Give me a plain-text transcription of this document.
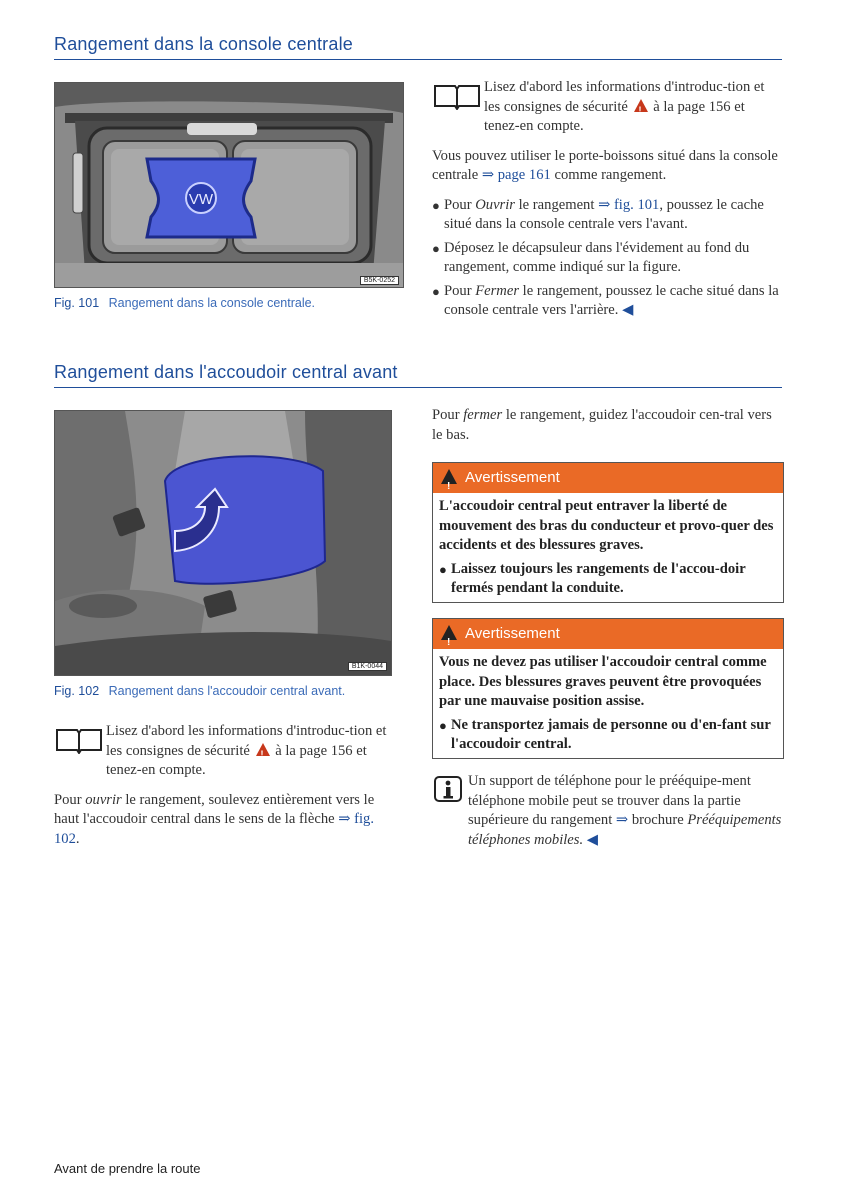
Rangement dans la console centrale
VW
B5K-0252
Fig. 101 Rangement dans la console centrale.
Lisez d'abord les informations d'introduc-tion et les consignes de sécurité ! à la page 156 et tenez-en compte.

Vous pouvez utiliser le porte-boissons situé dans la console centrale ⇒ page 161 comme rangement.

● Pour Ouvrir le rangement ⇒ fig. 101, poussez le cache situé dans la console centrale vers l'avant.
● Déposez le décapsuleur dans l'évidement au fond du rangement, comme indiqué sur la figure.
● Pour Fermer le rangement, poussez le cache situé dans la console centrale vers l'arrière. ◀
Rangement dans l'accoudoir central avant
B1K-0044
Fig. 102 Rangement dans l'accoudoir central avant.
Lisez d'abord les informations d'introduc-tion et les consignes de sécurité ! à la page 156 et tenez-en compte.

Pour ouvrir le rangement, soulevez entièrement vers le haut l'accoudoir central dans le sens de la flèche ⇒ fig. 102.

Pour fermer le rangement, guidez l'accoudoir cen-tral vers le bas.

!Avertissement

L'accoudoir central peut entraver la liberté de mouvement des bras du conducteur et provo-quer des accidents et des blessures graves.

● Laissez toujours les rangements de l'accou-doir fermés pendant la conduite.
!Avertissement

Vous ne devez pas utiliser l'accoudoir central comme place. Des blessures graves peuvent être provoquées par une mauvaise position assise.

● Ne transportez jamais de personne ou d'en-fant sur l'accoudoir central.
Un support de téléphone pour le prééquipe-ment téléphone mobile peut se trouver dans la partie supérieure du rangement ⇒ brochure Prééquipements téléphones mobiles. ◀
Avant de prendre la route
